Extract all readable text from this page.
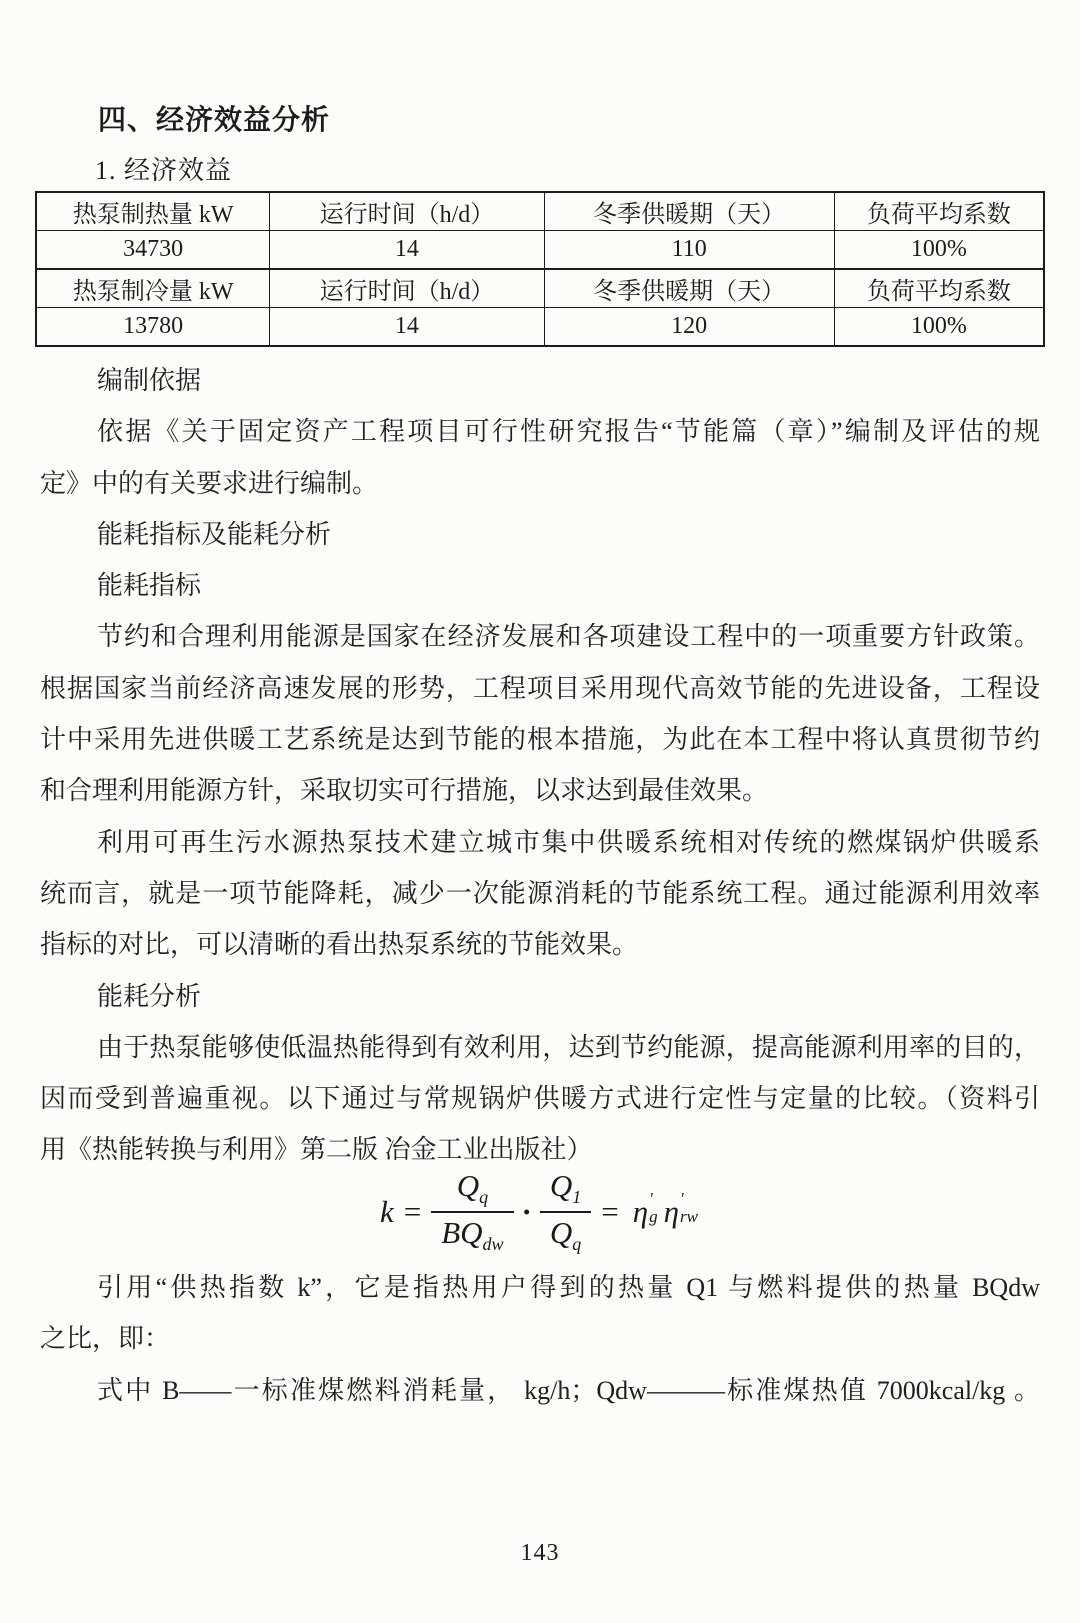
四、经济效益分析
1. 经济效益
热泵制热量 kW	运行时间（h/d）	冬季供暖期（天）	负荷平均系数
34730	14	110	100%
热泵制冷量 kW	运行时间（h/d）	冬季供暖期（天）	负荷平均系数
13780	14	120	100%
编制依据
依据《关于固定资产工程项目可行性研究报告“节能篇（章）”编制及评估的规
定》中的有关要求进行编制。
能耗指标及能耗分析
能耗指标
节约和合理利用能源是国家在经济发展和各项建设工程中的一项重要方针政策。
根据国家当前经济高速发展的形势，工程项目采用现代高效节能的先进设备，工程设
计中采用先进供暖工艺系统是达到节能的根本措施，为此在本工程中将认真贯彻节约
和合理利用能源方针，采取切实可行措施，以求达到最佳效果。
利用可再生污水源热泵技术建立城市集中供暖系统相对传统的燃煤锅炉供暖系
统而言，就是一项节能降耗，减少一次能源消耗的节能系统工程。通过能源利用效率
指标的对比，可以清晰的看出热泵系统的节能效果。
能耗分析
由于热泵能够使低温热能得到有效利用，达到节约能源，提高能源利用率的目的，
因而受到普遍重视。以下通过与常规锅炉供暖方式进行定性与定量的比较。（资料引
用《热能转换与利用》第二版 冶金工业出版社）
$k = \frac{Q_q}{BQ_{dw}} \cdot \frac{Q_1}{Q_q} = \eta$ ′
g η ′
rw
引用“供热指数 k”，它是指热用户得到的热量 Q1 与燃料提供的热量 BQdw
之比，即：
式中 B——一标准煤燃料消耗量， kg/h；Qdw———标准煤热值 7000kcal/kg 。
143
